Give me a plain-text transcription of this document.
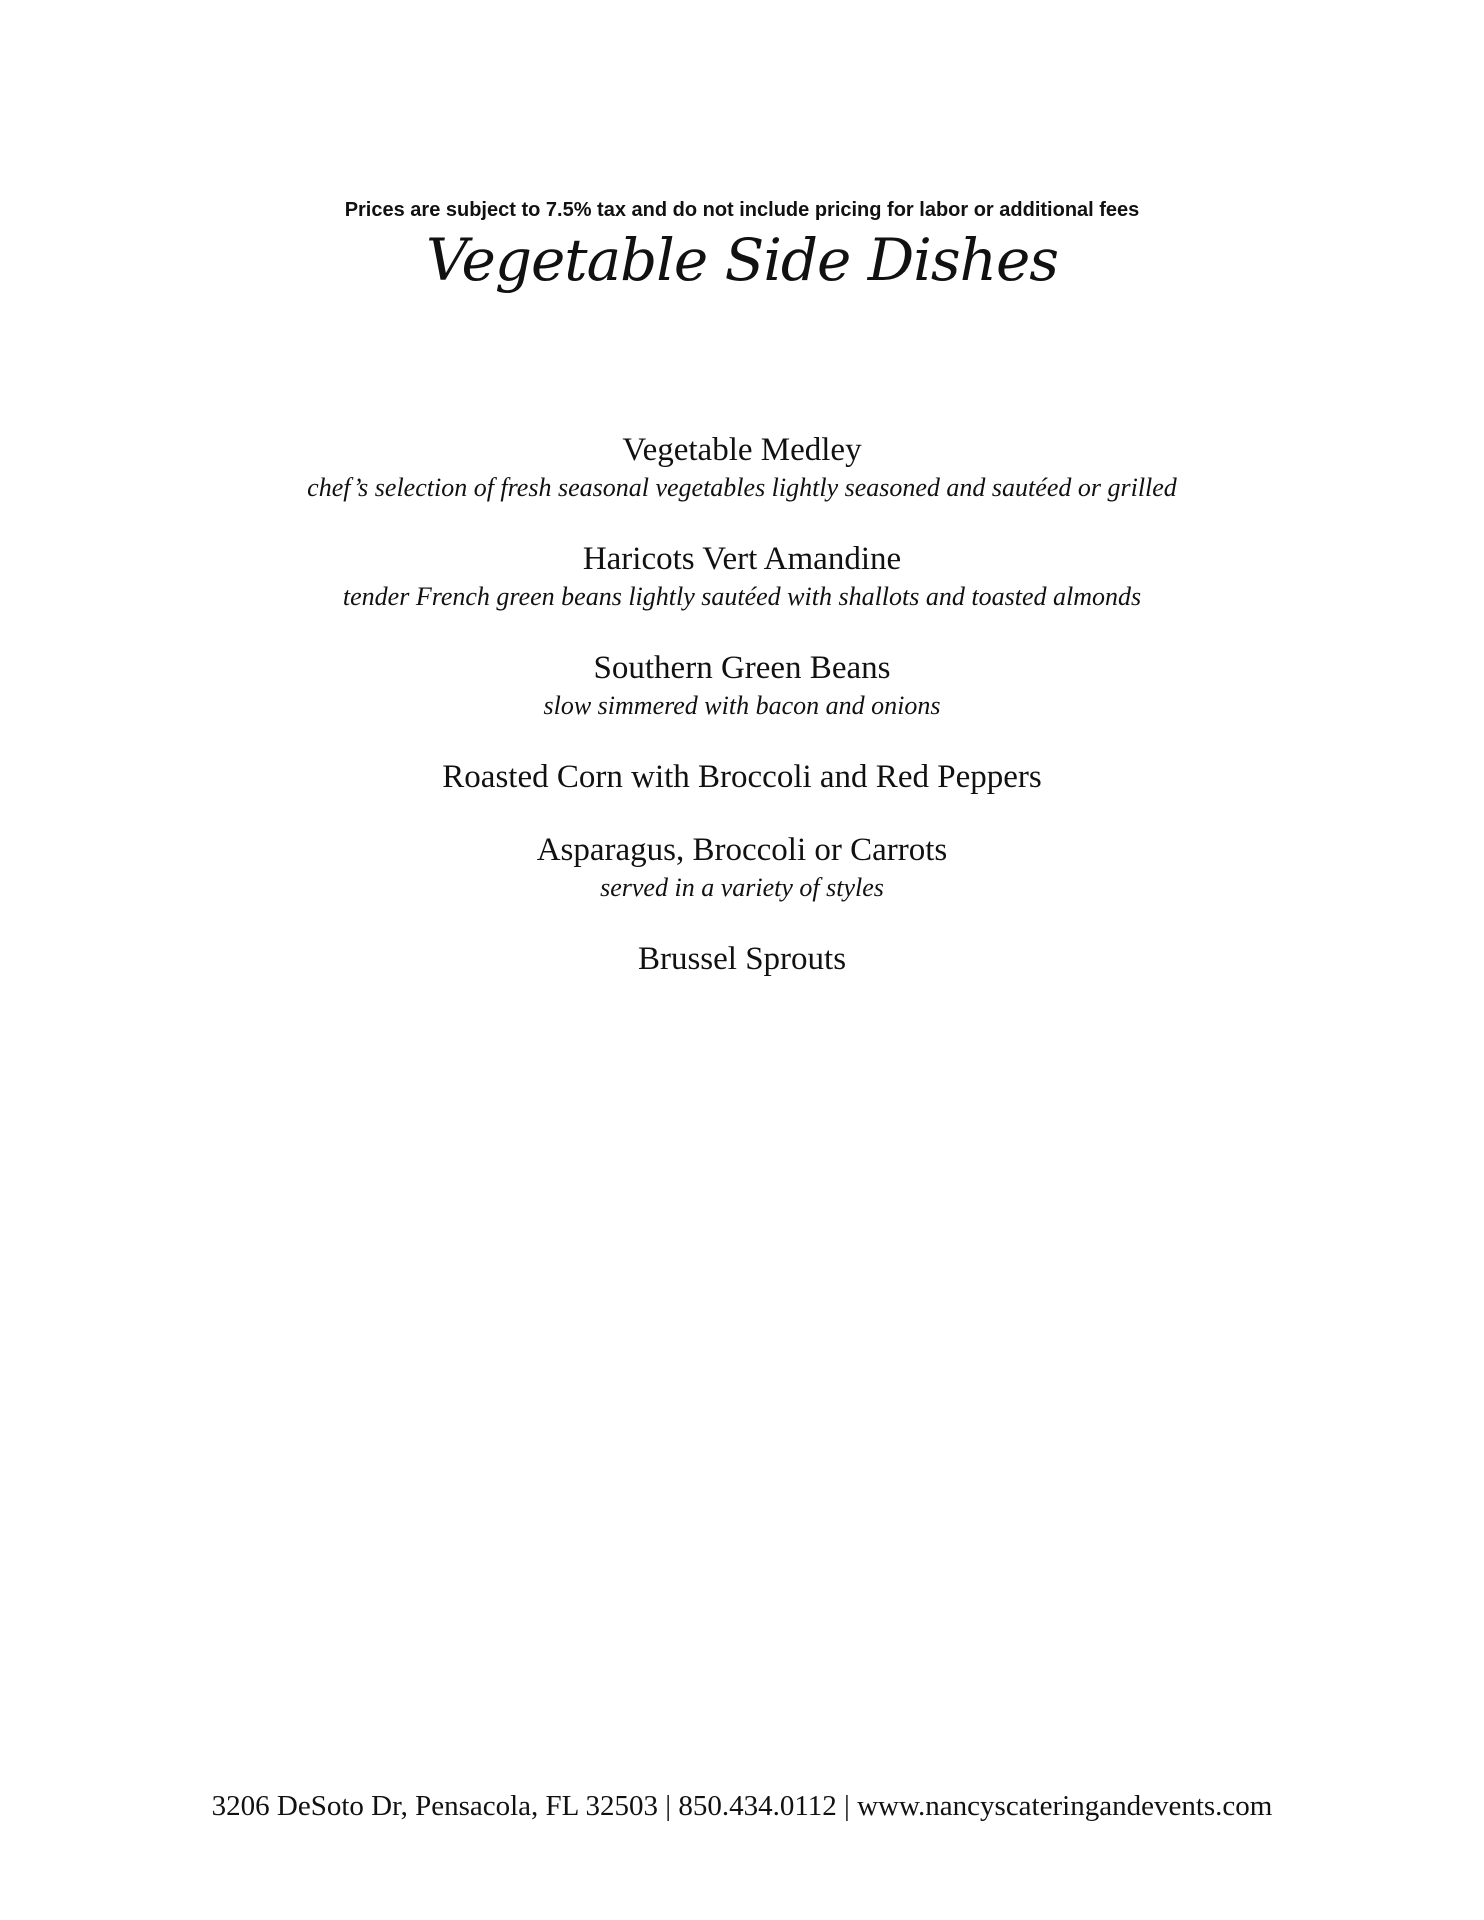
Prices are subject to 7.5% tax and do not include pricing for labor or additional fees
Vegetable Side Dishes
Vegetable Medley
chef’s selection of fresh seasonal vegetables lightly seasoned and sautéed or grilled
Haricots Vert Amandine
tender French green beans lightly sautéed with shallots and toasted almonds
Southern Green Beans
slow simmered with bacon and onions
Roasted Corn with Broccoli and Red Peppers
Asparagus, Broccoli or Carrots
served in a variety of styles
Brussel Sprouts
3206 DeSoto Dr, Pensacola, FL 32503 | 850.434.0112 | www.nancyscateringandevents.com
